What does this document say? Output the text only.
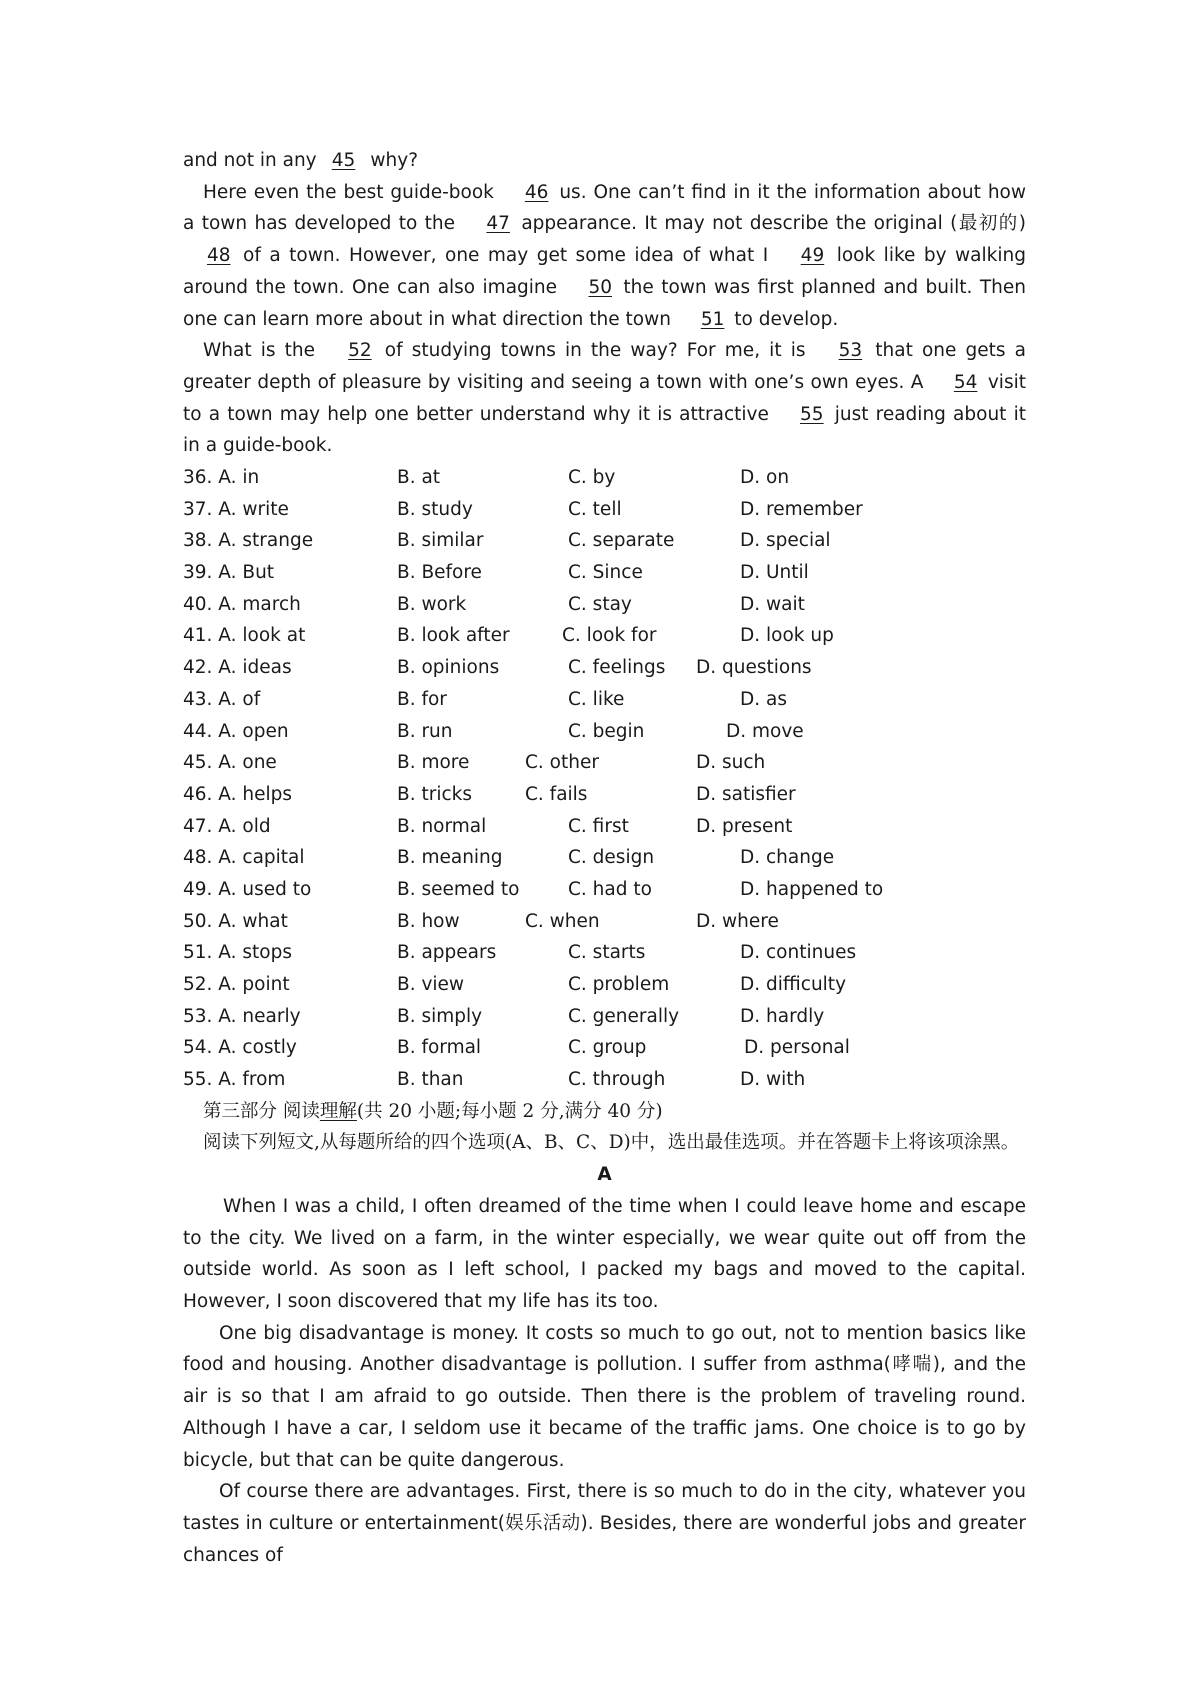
and not in any 45 why?

Here even the best guide-book 46 us. One can’t find in it the information about how a town has developed to the 47 appearance. It may not describe the original (最初的) 48 of a town. However, one may get some idea of what I 49 look like by walking around the town. One can also imagine 50 the town was first planned and built. Then one can learn more about in what direction the town 51 to develop.

What is the 52 of studying towns in the way? For me, it is 53 that one gets a greater depth of pleasure by visiting and seeing a town with one’s own eyes. A 54 visit to a town may help one better understand why it is attractive 55 just reading about it in a guide-book.

36. A. in	B. at	C. by	D. on
37. A. write	B. study	C. tell	D. remember
38. A. strange	B. similar	C. separate	D. special
39. A. But	B. Before	C. Since	D. Until
40. A. march	B. work	C. stay	D. wait
41. A. look at	B. look after	C. look for	D. look up
42. A. ideas	B. opinions	C. feelings D. questions
43. A. of	B. for	C. like	D. as
44. A. open	B. run	C. begin	D. move
45. A. one	B. more	C. other	D. such
46. A. helps	B. tricks	C. fails	D. satisfier
47. A. old	B. normal	C. first	D. present
48. A. capital	B. meaning	C. design	D. change
49. A. used to	B. seemed to	C. had to	D. happened to
50. A. what	B. how	C. when	D. where
51. A. stops	B. appears	C. starts	D. continues
52. A. point	B. view	C. problem	D. difficulty
53. A. nearly	B. simply	C. generally	D. hardly
54. A. costly	B. formal	C. group	D. personal
55. A. from	B. than	C. through	D. with

第三部分 阅读理解(共 20 小题;每小题 2 分,满分 40 分)

阅读下列短文,从每题所给的四个选项(A、B、C、D)中，选出最佳选项。并在答题卡上将该项涂黑。

A

When I was a child, I often dreamed of the time when I could leave home and escape to the city. We lived on a farm, in the winter especially, we wear quite out off from the outside world. As soon as I left school, I packed my bags and moved to the capital. However, I soon discovered that my life has its too.

One big disadvantage is money. It costs so much to go out, not to mention basics like food and housing. Another disadvantage is pollution. I suffer from asthma(哮喘), and the air is so that I am afraid to go outside. Then there is the problem of traveling round. Although I have a car, I seldom use it became of the traffic jams. One choice is to go by bicycle, but that can be quite dangerous.

Of course there are advantages. First, there is so much to do in the city, whatever you tastes in culture or entertainment(娱乐活动). Besides, there are wonderful jobs and greater chances of
